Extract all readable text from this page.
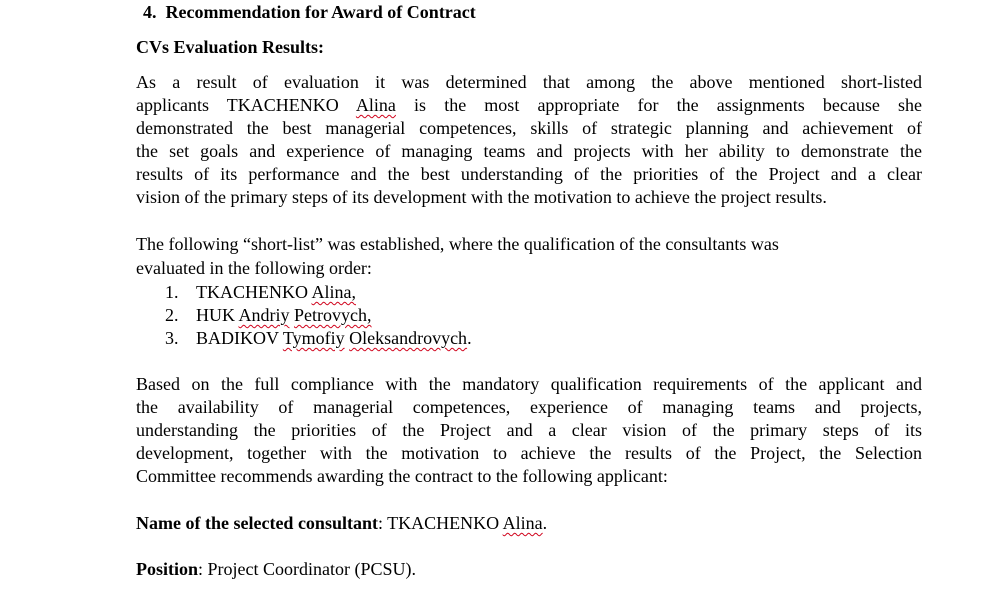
4. Recommendation for Award of Contract
CVs Evaluation Results:
As a result of evaluation it was determined that among the above mentioned short-listed
applicants TKACHENKO Alina is the most appropriate for the assignments because she
demonstrated the best managerial competences, skills of strategic planning and achievement of
the set goals and experience of managing teams and projects with her ability to demonstrate the
results of its performance and the best understanding of the priorities of the Project and a clear
vision of the primary steps of its development with the motivation to achieve the project results.
The following “short-list” was established, where the qualification of the consultants was
evaluated in the following order:
1. TKACHENKO Alina,
2. HUK Andriy Petrovych,
3. BADIKOV Tymofiy Oleksandrovych.
Based on the full compliance with the mandatory qualification requirements of the applicant and
the availability of managerial competences, experience of managing teams and projects,
understanding the priorities of the Project and a clear vision of the primary steps of its
development, together with the motivation to achieve the results of the Project, the Selection
Committee recommends awarding the contract to the following applicant:
Name of the selected consultant: TKACHENKO Alina.
Position: Project Coordinator (PCSU).
